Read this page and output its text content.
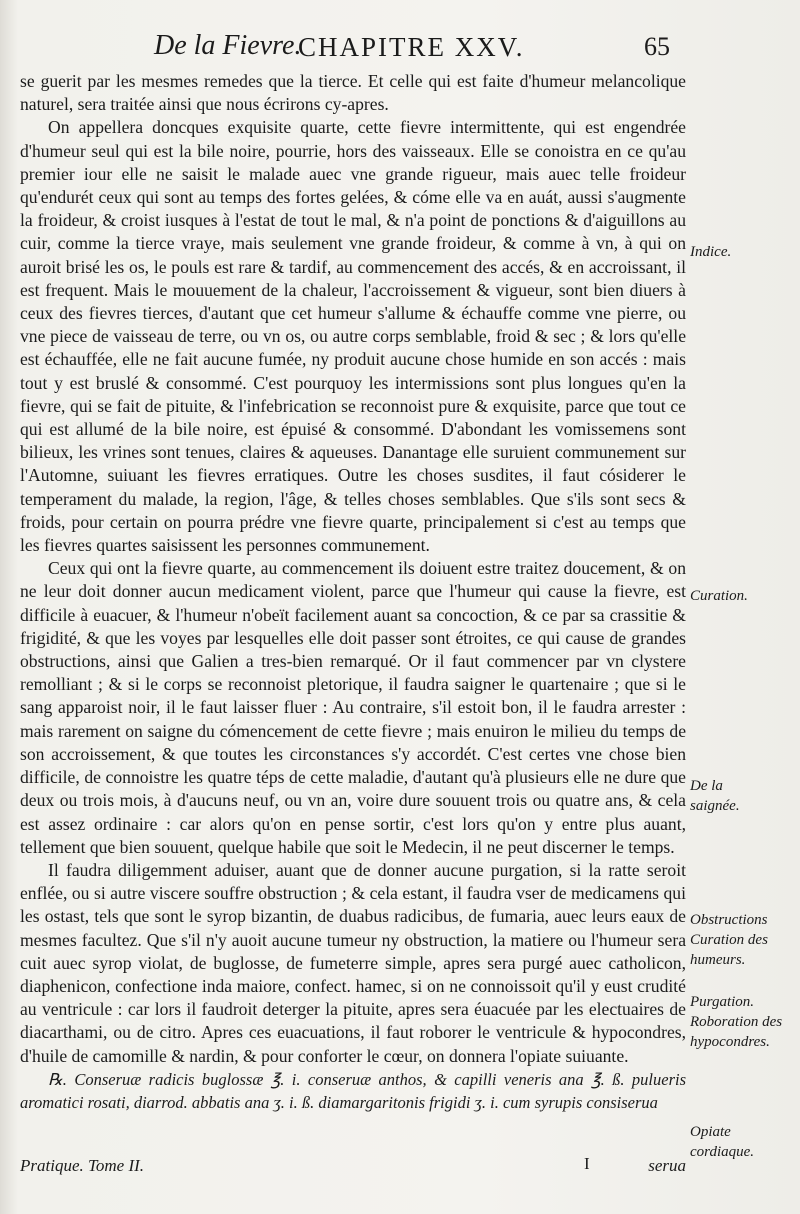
De la Fievre.
CHAPITRE XXV.	65

se guerit par les mesmes remedes que la tierce. Et celle qui est faite d'humeur melancolique naturel, sera traitée ainsi que nous écrirons cy-apres.

On appellera doncques exquisite quarte, cette fievre intermittente, qui est engendrée d'humeur seul qui est la bile noire, pourrie, hors des vaisseaux. Elle se conoistra en ce qu'au premier iour elle ne saisit le malade auec vne grande rigueur, mais auec telle froideur qu'endurét ceux qui sont au temps des fortes gelées, & cóme elle va en auát, aussi s'augmente la froideur, & croist iusques à l'estat de tout le mal, & n'a point de ponctions & d'aiguillons au cuir, comme la tierce vraye, mais seulement vne grande froideur, & comme à vn, à qui on auroit brisé les os, le pouls est rare & tardif, au commencement des accés, & en accroissant, il est frequent. Mais le mouuement de la chaleur, l'accroissement & vigueur, sont bien diuers à ceux des fievres tierces, d'autant que cet humeur s'allume & échauffe comme vne pierre, ou vne piece de vaisseau de terre, ou vn os, ou autre corps semblable, froid & sec ; & lors qu'elle est échauffée, elle ne fait aucune fumée, ny produit aucune chose humide en son accés : mais tout y est bruslé & consommé. C'est pourquoy les intermissions sont plus longues qu'en la fievre, qui se fait de pituite, & l'infebrication se reconnoist pure & exquisite, parce que tout ce qui est allumé de la bile noire, est épuisé & consommé. D'abondant les vomissemens sont bilieux, les vrines sont tenues, claires & aqueuses. Danantage elle suruient communement sur l'Automne, suiuant les fievres erratiques. Outre les choses susdites, il faut cósiderer le temperament du malade, la region, l'âge, & telles choses semblables. Que s'ils sont secs & froids, pour certain on pourra prédre vne fievre quarte, principalement si c'est au temps que les fievres quartes saisissent les personnes communement.

Ceux qui ont la fievre quarte, au commencement ils doiuent estre traitez doucement, & on ne leur doit donner aucun medicament violent, parce que l'humeur qui cause la fievre, est difficile à euacuer, & l'humeur n'obeït facilement auant sa concoction, & ce par sa crassitie & frigidité, & que les voyes par lesquelles elle doit passer sont étroites, ce qui cause de grandes obstructions, ainsi que Galien a tres-bien remarqué. Or il faut commencer par vn clystere remolliant ; & si le corps se reconnoist pletorique, il faudra saigner le quartenaire ; que si le sang apparoist noir, il le faut laisser fluer : Au contraire, s'il estoit bon, il le faudra arrester : mais rarement on saigne du cómencement de cette fievre ; mais enuiron le milieu du temps de son accroissement, & que toutes les circonstances s'y accordét. C'est certes vne chose bien difficile, de connoistre les quatre téps de cette maladie, d'autant qu'à plusieurs elle ne dure que deux ou trois mois, à d'aucuns neuf, ou vn an, voire dure souuent trois ou quatre ans, & cela est assez ordinaire : car alors qu'on en pense sortir, c'est lors qu'on y entre plus auant, tellement que bien souuent, quelque habile que soit le Medecin, il ne peut discerner le temps.

Il faudra diligemment aduiser, auant que de donner aucune purgation, si la ratte seroit enflée, ou si autre viscere souffre obstruction ; & cela estant, il faudra vser de medicamens qui les ostast, tels que sont le syrop bizantin, de duabus radicibus, de fumaria, auec leurs eaux de mesmes facultez. Que s'il n'y auoit aucune tumeur ny obstruction, la matiere ou l'humeur sera cuit auec syrop violat, de buglosse, de fumeterre simple, apres sera purgé auec catholicon, diaphenicon, confectione inda maiore, confect. hamec, si on ne connoissoit qu'il y eust crudité au ventricule : car lors il faudroit deterger la pituite, apres sera éuacuée par les electuaires de diacarthami, ou de citro. Apres ces euacuations, il faut roborer le ventricule & hypocondres, d'huile de camomille & nardin, & pour conforter le cœur, on donnera l'opiate suiuante.

℞. Conseruæ radicis buglossæ ℥. i. conseruæ anthos, & capilli veneris ana ℥. ß. pulueris aromatici rosati, diarrod. abbatis ana ʒ. i. ß. diamargaritonis frigidi ʒ. i. cum syrupis consiserua

Indice.
Curation.
De la saignée.
Obstructions Curation des humeurs.
Purgation.
Roboration des hypocondres.
Opiate cordiaque.
Pratique. Tome II.	I	serua
